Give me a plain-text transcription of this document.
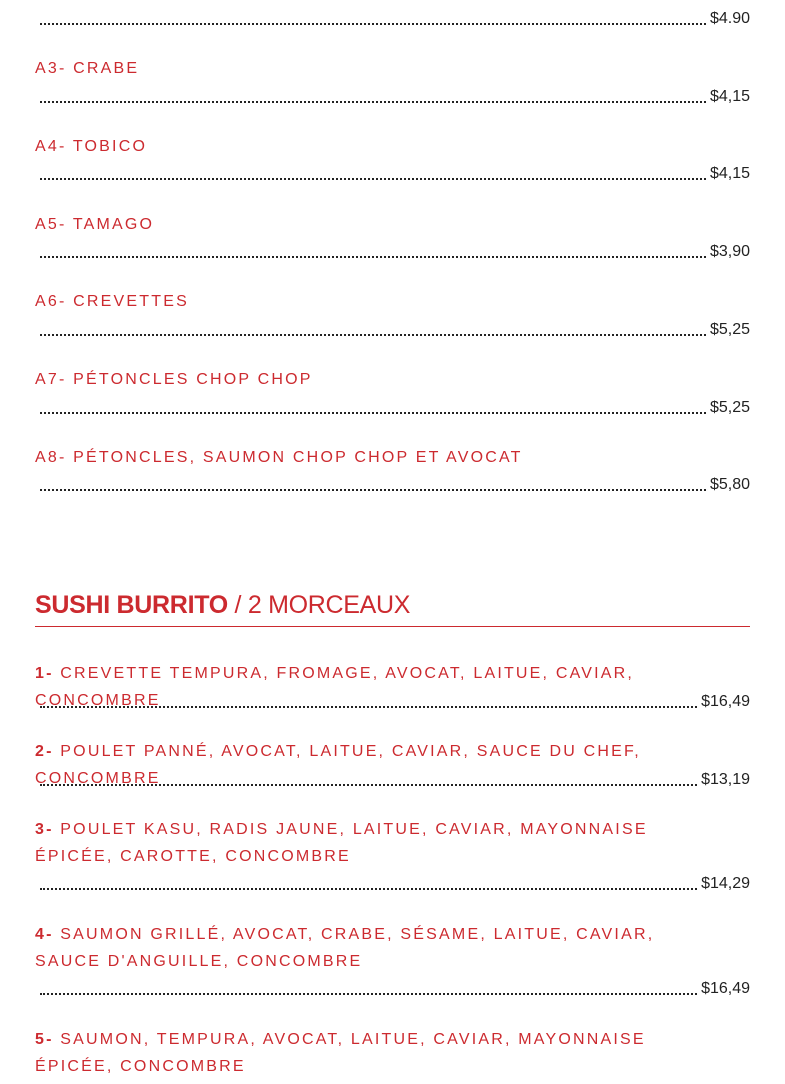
$4.90

A3- CRABE

$4,15

A4- TOBICO

$4,15

A5- TAMAGO

$3,90

A6- CREVETTES

$5,25

A7- PÉTONCLES CHOP CHOP

$5,25

A8- PÉTONCLES, SAUMON CHOP CHOP ET AVOCAT

$5,80
SUSHI BURRITO / 2 MORCEAUX

1- CREVETTE TEMPURA, FROMAGE, AVOCAT, LAITUE, CAVIAR, CONCOMBRE	$16,49

2- POULET PANNÉ, AVOCAT, LAITUE, CAVIAR, SAUCE DU CHEF, CONCOMBRE	$13,19

3- POULET KASU, RADIS JAUNE, LAITUE, CAVIAR, MAYONNAISE ÉPICÉE, CAROTTE, CONCOMBRE

$14,29

4- SAUMON GRILLÉ, AVOCAT, CRABE, SÉSAME, LAITUE, CAVIAR, SAUCE D'ANGUILLE, CONCOMBRE

$16,49

5- SAUMON, TEMPURA, AVOCAT, LAITUE, CAVIAR, MAYONNAISE ÉPICÉE, CONCOMBRE
